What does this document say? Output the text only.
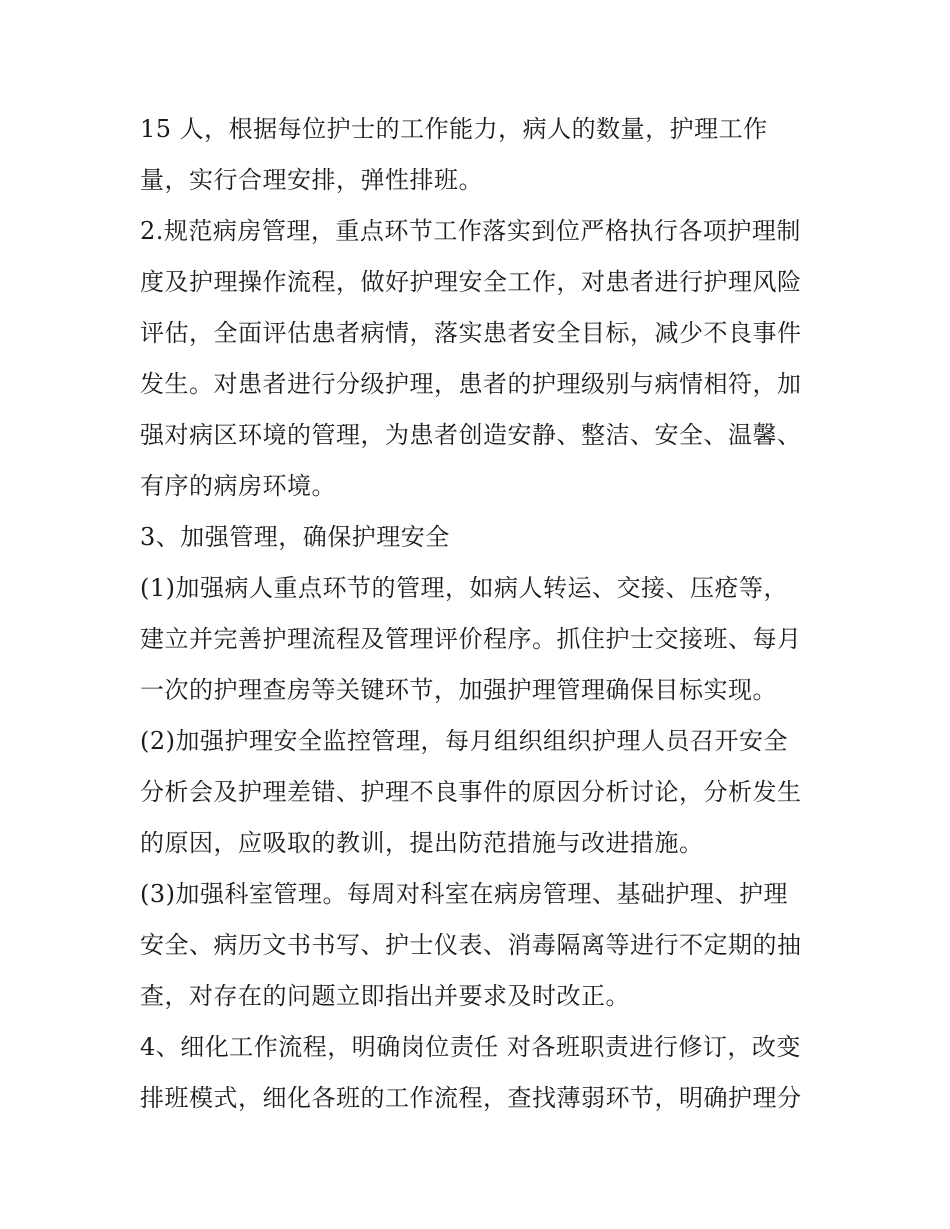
15 人，根据每位护士的工作能力，病人的数量，护理工作
量，实行合理安排，弹性排班。
2.规范病房管理，重点环节工作落实到位严格执行各项护理制
度及护理操作流程，做好护理安全工作，对患者进行护理风险
评估，全面评估患者病情，落实患者安全目标，减少不良事件
发生。对患者进行分级护理，患者的护理级别与病情相符，加
强对病区环境的管理，为患者创造安静、整洁、安全、温馨、
有序的病房环境。
3、加强管理，确保护理安全
(1)加强病人重点环节的管理，如病人转运、交接、压疮等，
建立并完善护理流程及管理评价程序。抓住护士交接班、每月
一次的护理查房等关键环节，加强护理管理确保目标实现。
(2)加强护理安全监控管理，每月组织组织护理人员召开安全
分析会及护理差错、护理不良事件的原因分析讨论，分析发生
的原因，应吸取的教训，提出防范措施与改进措施。
(3)加强科室管理。每周对科室在病房管理、基础护理、护理
安全、病历文书书写、护士仪表、消毒隔离等进行不定期的抽
查，对存在的问题立即指出并要求及时改正。
4、细化工作流程，明确岗位责任 对各班职责进行修订，改变
排班模式，细化各班的工作流程，查找薄弱环节，明确护理分
